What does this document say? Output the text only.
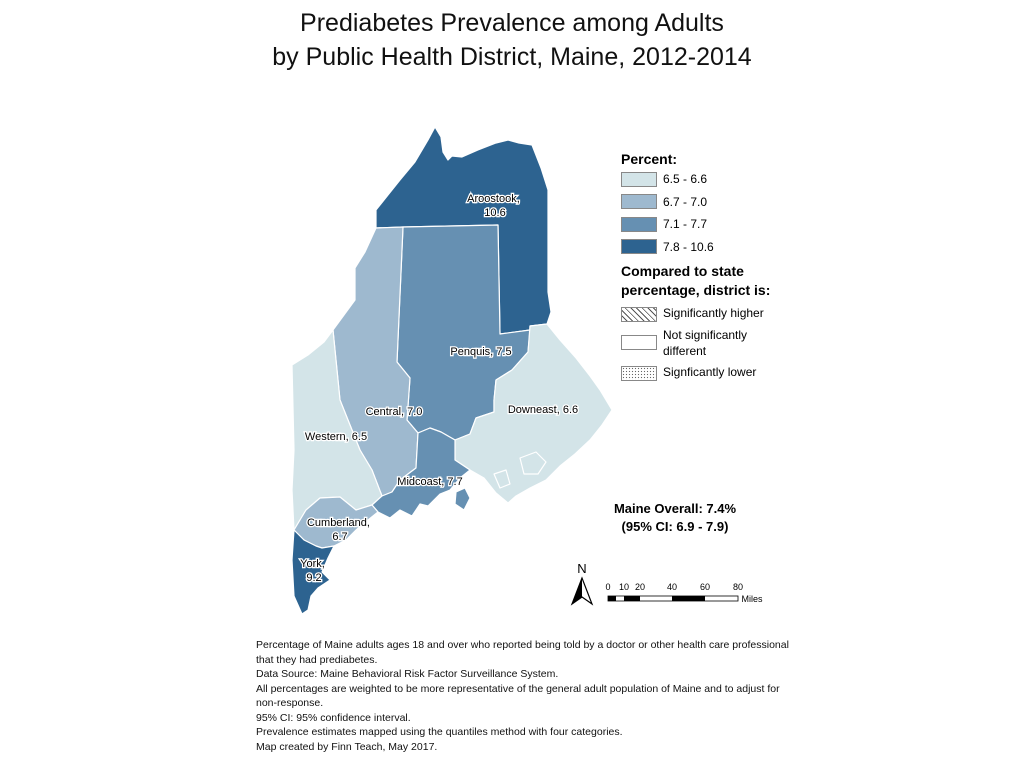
Prediabetes Prevalence among Adults
by Public Health District, Maine, 2012-2014
Aroostook, 10.6
Penquis, 7.5
Downeast, 6.6
Central, 7.0
Western, 6.5
Midcoast, 7.7
Cumberland, 6.7
York, 9.2
N
0 10 20 40	60	80
Miles
Percent:
6.5 - 6.6
6.7 - 7.0
7.1 - 7.7
7.8 - 10.6
Compared to state
percentage, district is:
Significantly higher
Not significantly
different
Signficantly lower
Maine Overall: 7.4%
(95% CI: 6.9 - 7.9)
Percentage of Maine adults ages 18 and over who reported being told by a doctor or other health care professional
that they had prediabetes.
Data Source: Maine Behavioral Risk Factor Surveillance System.
All percentages are weighted to be more representative of the general adult population of Maine and to adjust for
non-response.
95% CI: 95% confidence interval.
Prevalence estimates mapped using the quantiles method with four categories.
Map created by Finn Teach, May 2017.
